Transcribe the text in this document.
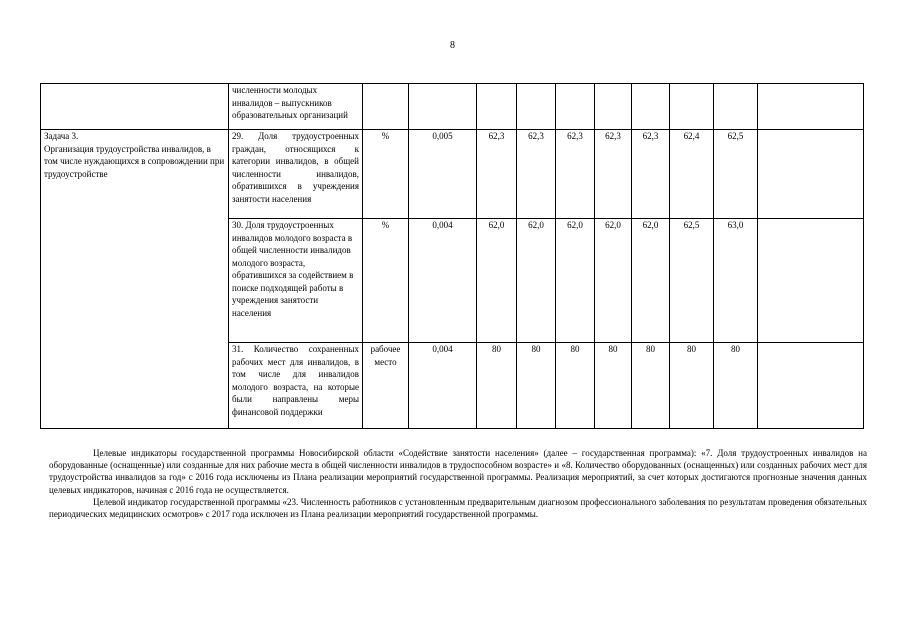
8
	численности молодых инвалидов – выпускников образовательных организаций										
Задача 3.
Организация трудоустройства инвалидов, в том числе нуждающихся в сопровождении при трудоустройстве	29. Доля трудоустроенных граждан, относящихся к категории инвалидов, в общей численности инвалидов, обратившихся в учреждения занятости населения	%	0,005	62,3	62,3	62,3	62,3	62,3	62,4	62,5	
	30. Доля трудоустроенных инвалидов молодого возраста в общей численности инвалидов молодого возраста, обратившихся за содействием в поиске подходящей работы в учреждения занятости населения	%	0,004	62,0	62,0	62,0	62,0	62,0	62,5	63,0	
	31. Количество сохраненных рабочих мест для инвалидов, в том числе для инвалидов молодого возраста, на которые были направлены меры финансовой поддержки	рабочее место	0,004	80	80	80	80	80	80	80	

Целевые индикаторы государственной программы Новосибирской области «Содействие занятости населения» (далее – государственная программа): «7. Доля трудоустроенных инвалидов на оборудованные (оснащенные) или созданные для них рабочие места в общей численности инвалидов в трудоспособном возрасте» и «8. Количество оборудованных (оснащенных) или созданных рабочих мест для трудоустройства инвалидов за год» с 2016 года исключены из Плана реализации мероприятий государственной программы. Реализация мероприятий, за счет которых достигаются прогнозные значения данных целевых индикаторов, начиная с 2016 года не осуществляется.

Целевой индикатор государственной программы «23. Численность работников с установленным предварительным диагнозом профессионального заболевания по результатам проведения обязательных периодических медицинских осмотров» с 2017 года исключен из Плана реализации мероприятий государственной программы.
